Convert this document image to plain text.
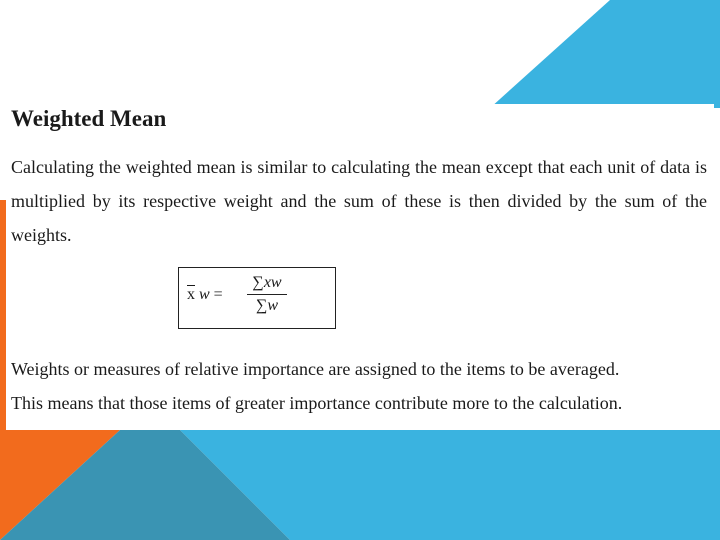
Weighted Mean
Calculating the weighted mean is similar to calculating the mean except that each unit of data is multiplied by its respective weight and the sum of these is then divided by the sum of the weights.
$\overline{x}$ w =
∑xw
∑w
Weights or measures of relative importance are assigned to the items to be averaged.
This means that those items of greater importance contribute more to the calculation.
